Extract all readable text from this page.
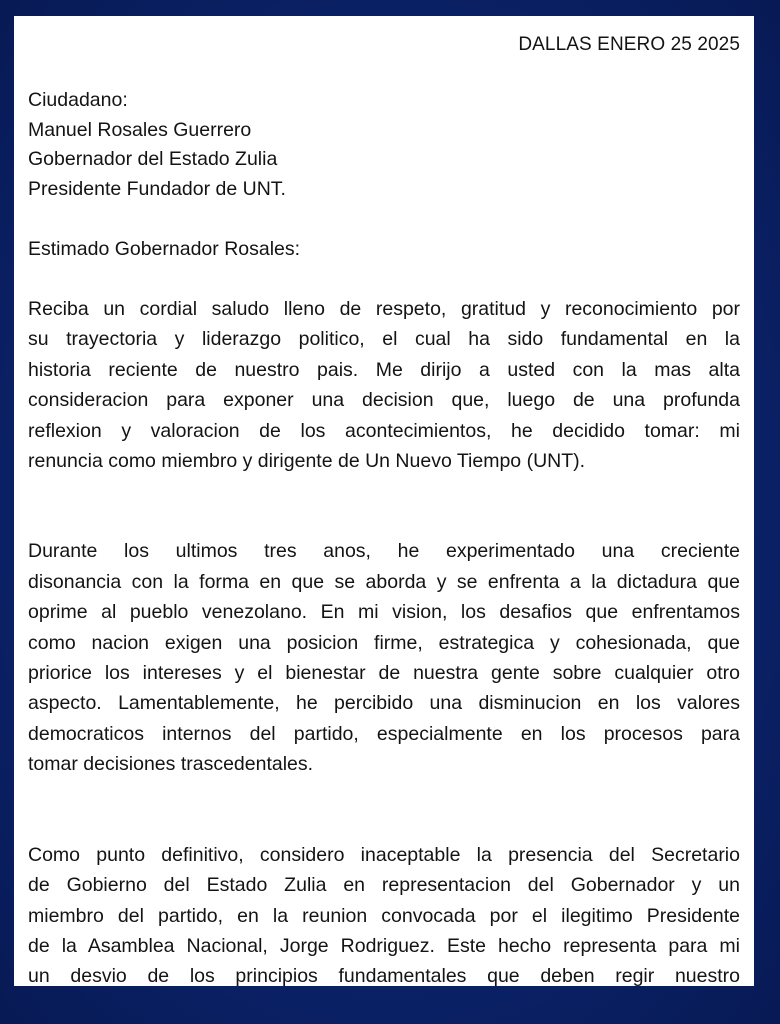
DALLAS ENERO 25 2025
Ciudadano:
Manuel Rosales Guerrero
Gobernador del Estado Zulia
Presidente Fundador de UNT.
Estimado Gobernador Rosales:
Reciba un cordial saludo lleno de respeto, gratitud y reconocimiento por
su trayectoria y liderazgo politico, el cual ha sido fundamental en la
historia reciente de nuestro pais. Me dirijo a usted con la mas alta
consideracion para exponer una decision que, luego de una profunda
reflexion y valoracion de los acontecimientos, he decidido tomar: mi
renuncia como miembro y dirigente de Un Nuevo Tiempo (UNT).
Durante los ultimos tres anos, he experimentado una creciente
disonancia con la forma en que se aborda y se enfrenta a la dictadura que
oprime al pueblo venezolano. En mi vision, los desafios que enfrentamos
como nacion exigen una posicion firme, estrategica y cohesionada, que
priorice los intereses y el bienestar de nuestra gente sobre cualquier otro
aspecto. Lamentablemente, he percibido una disminucion en los valores
democraticos internos del partido, especialmente en los procesos para
tomar decisiones trascedentales.
Como punto definitivo, considero inaceptable la presencia del Secretario
de Gobierno del Estado Zulia en representacion del Gobernador y un
miembro del partido, en la reunion convocada por el ilegitimo Presidente
de la Asamblea Nacional, Jorge Rodriguez. Este hecho representa para mi
un desvio de los principios fundamentales que deben regir nuestro
